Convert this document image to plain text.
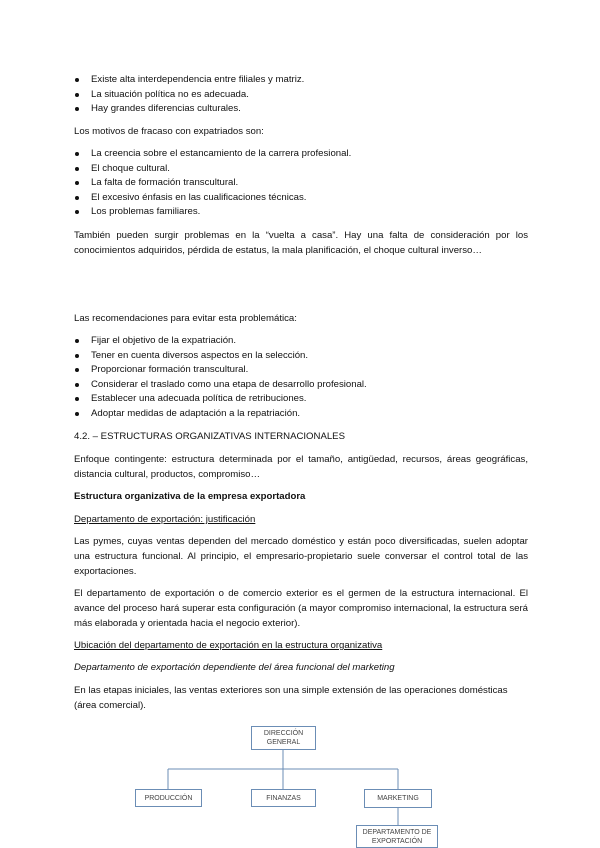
Existe alta interdependencia entre filiales y matriz.
La situación política no es adecuada.
Hay grandes diferencias culturales.

Los motivos de fracaso con expatriados son:

La creencia sobre el estancamiento de la carrera profesional.
El choque cultural.
La falta de formación transcultural.
El excesivo énfasis en las cualificaciones técnicas.
Los problemas familiares.

También pueden surgir problemas en la “vuelta a casa”. Hay una falta de consideración por los conocimientos adquiridos, pérdida de estatus, la mala planificación, el choque cultural inverso…

Las recomendaciones para evitar esta problemática:

Fijar el objetivo de la expatriación.
Tener en cuenta diversos aspectos en la selección.
Proporcionar formación transcultural.
Considerar el traslado como una etapa de desarrollo profesional.
Establecer una adecuada política de retribuciones.
Adoptar medidas de adaptación a la repatriación.

4.2. – ESTRUCTURAS ORGANIZATIVAS INTERNACIONALES

Enfoque contingente: estructura determinada por el tamaño, antigüedad, recursos, áreas geográficas, distancia cultural, productos, compromiso…

Estructura organizativa de la empresa exportadora

Departamento de exportación: justificación

Las pymes, cuyas ventas dependen del mercado doméstico y están poco diversificadas, suelen adoptar una estructura funcional. Al principio, el empresario-propietario suele conversar el control total de las exportaciones.

El departamento de exportación o de comercio exterior es el germen de la estructura internacional. El avance del proceso hará superar esta configuración (a mayor compromiso internacional, la estructura será más elaborada y orientada hacia el negocio exterior).

Ubicación del departamento de exportación en la estructura organizativa

Departamento de exportación dependiente del área funcional del marketing

En las etapas iniciales, las ventas exteriores son una simple extensión de las operaciones domésticas (área comercial).

DIRECCIÓN GENERAL
PRODUCCIÓN	FINANZAS	MARKETING
DEPARTAMENTO DE EXPORTACIÓN
